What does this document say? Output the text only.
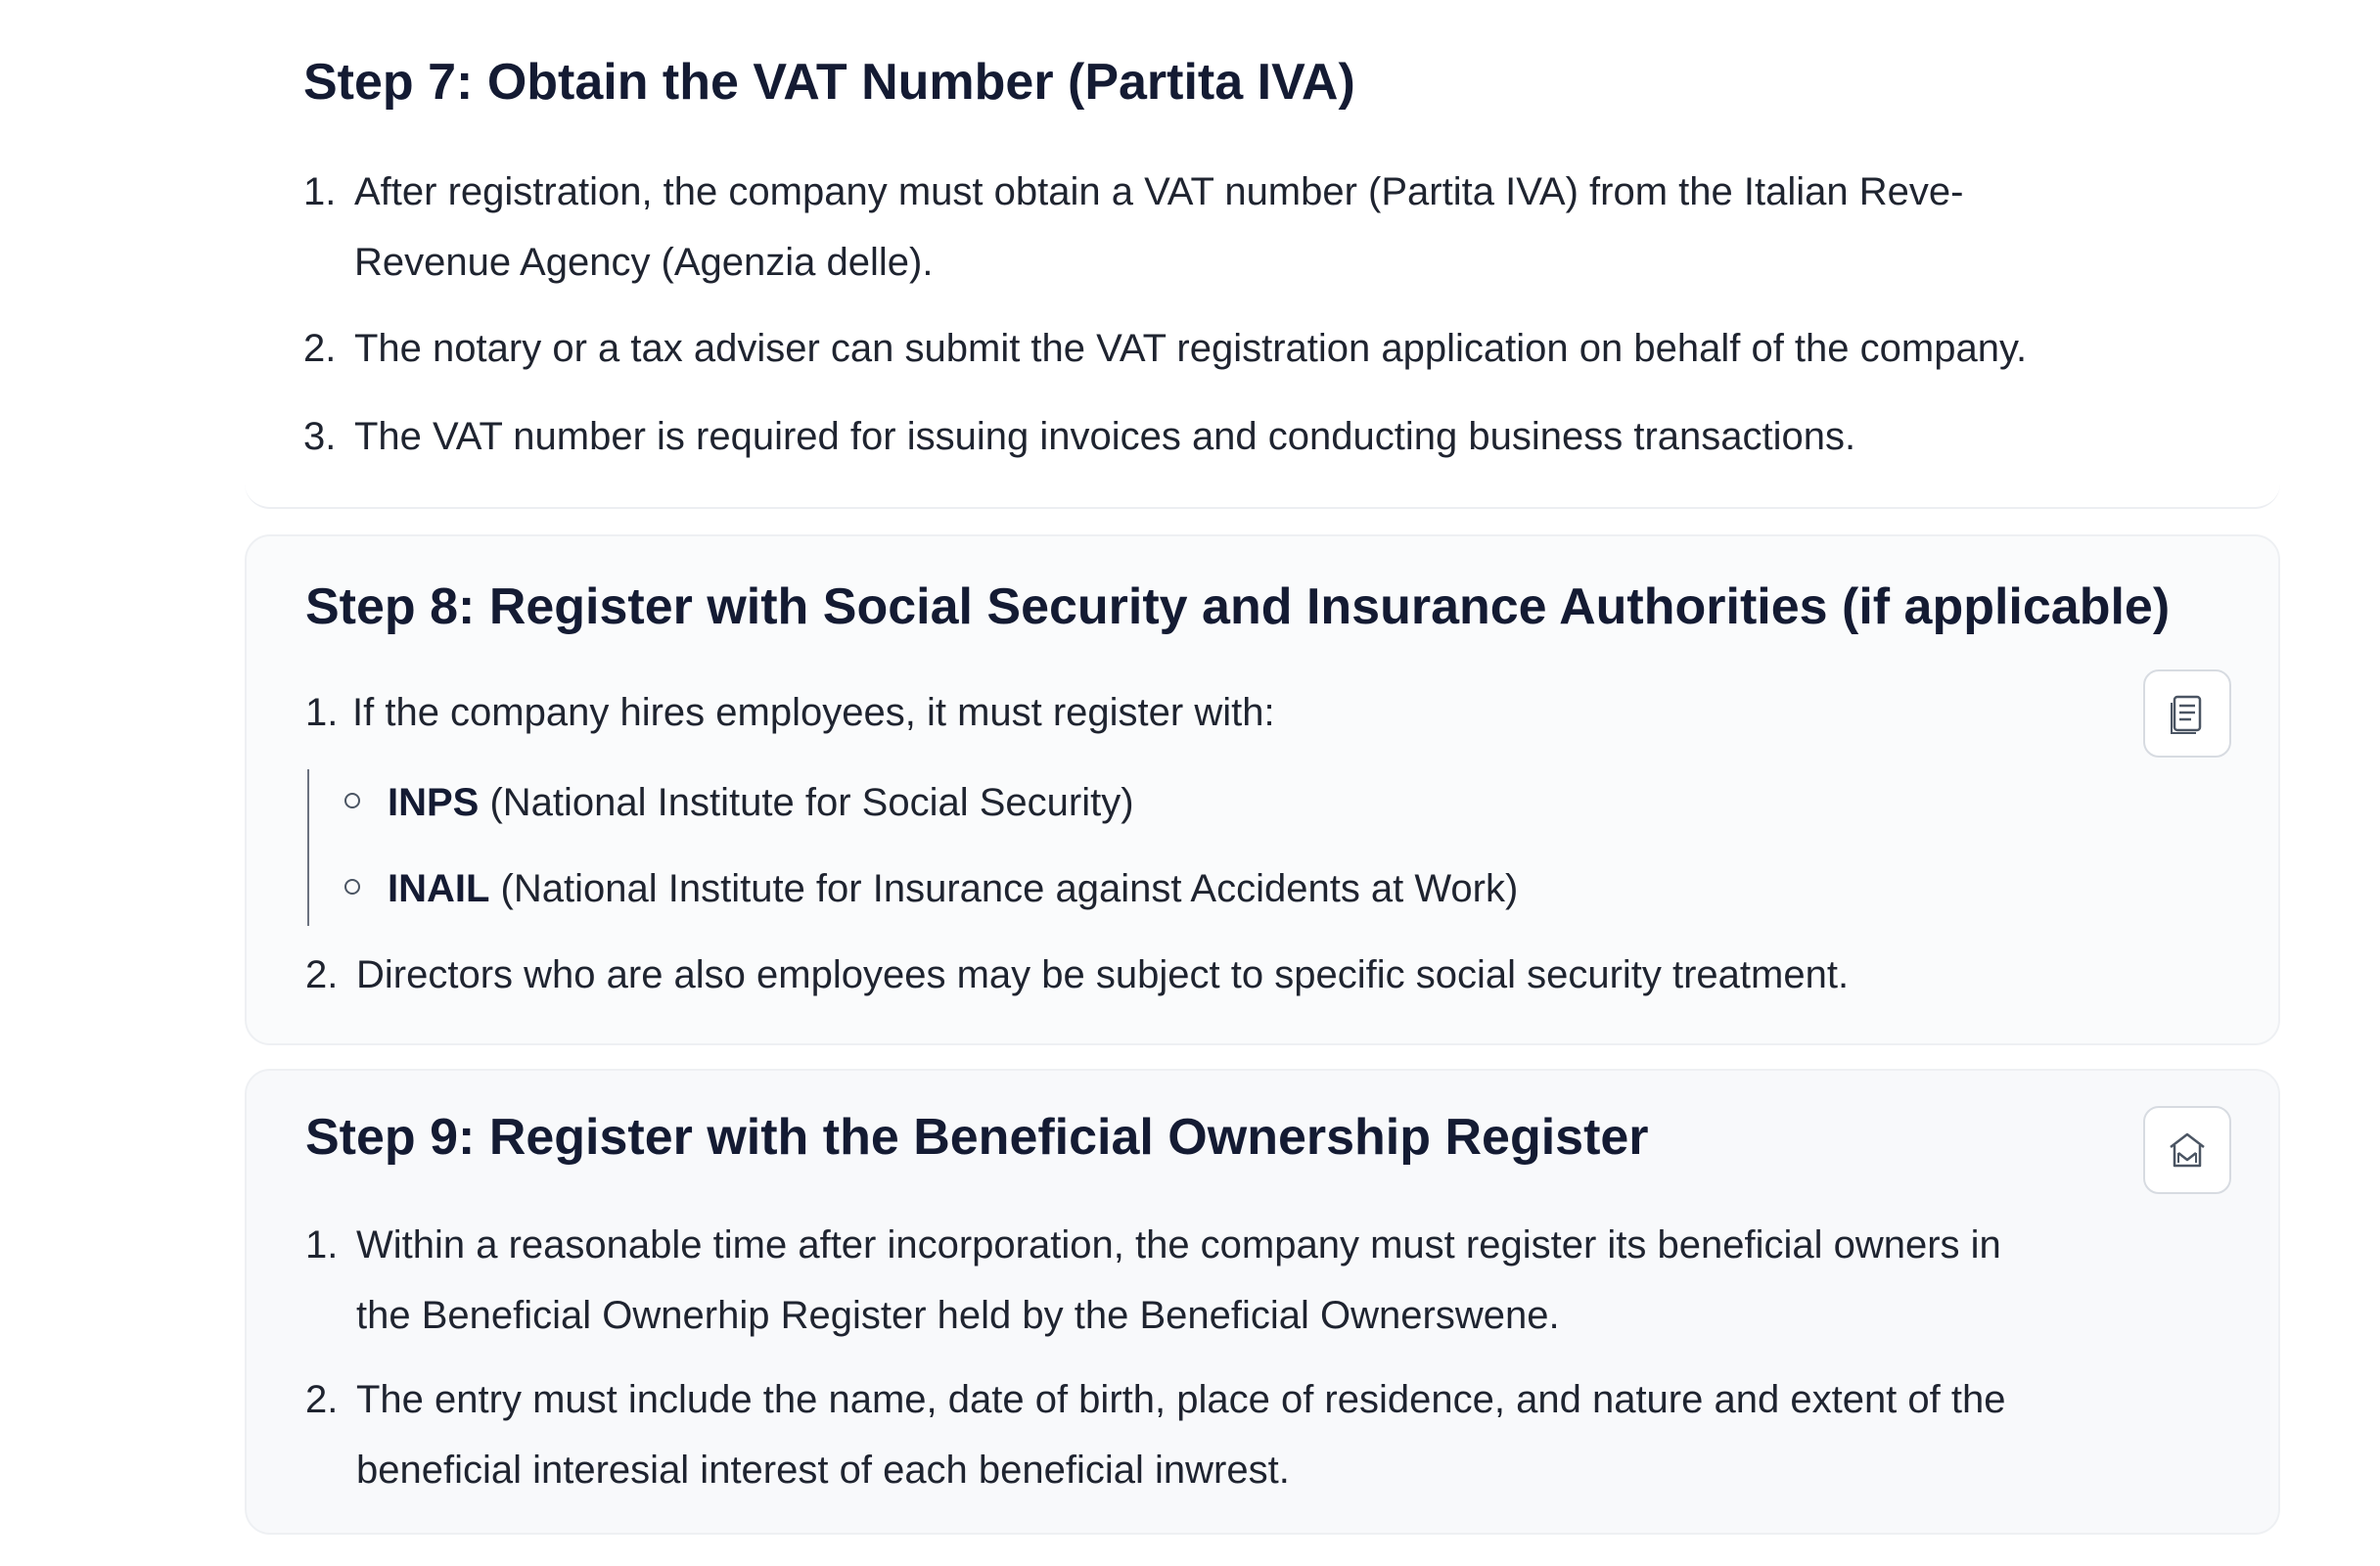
Step 7: Obtain the VAT Number (Partita IVA)
1. After registration, the company must obtain a VAT number (Partita IVA) from the Italian Reve-
Revenue Agency (Agenzia delle).
2. The notary or a tax adviser can submit the VAT registration application on behalf of the company.
3. The VAT number is required for issuing invoices and conducting business transactions.
Step 8: Register with Social Security and Insurance Authorities (if applicable)
1. If the company hires employees, it must register with:
INPS (National Institute for Social Security)
INAIL (National Institute for Insurance against Accidents at Work)
2. Directors who are also employees may be subject to specific social security treatment.
Step 9: Register with the Beneficial Ownership Register
1. Within a reasonable time after incorporation, the company must register its beneficial owners in
the Beneficial Ownerhip Register held by the Beneficial Ownerswene.
2. The entry must include the name, date of birth, place of residence, and nature and extent of the
beneficial interesial interest of each beneficial inwrest.
